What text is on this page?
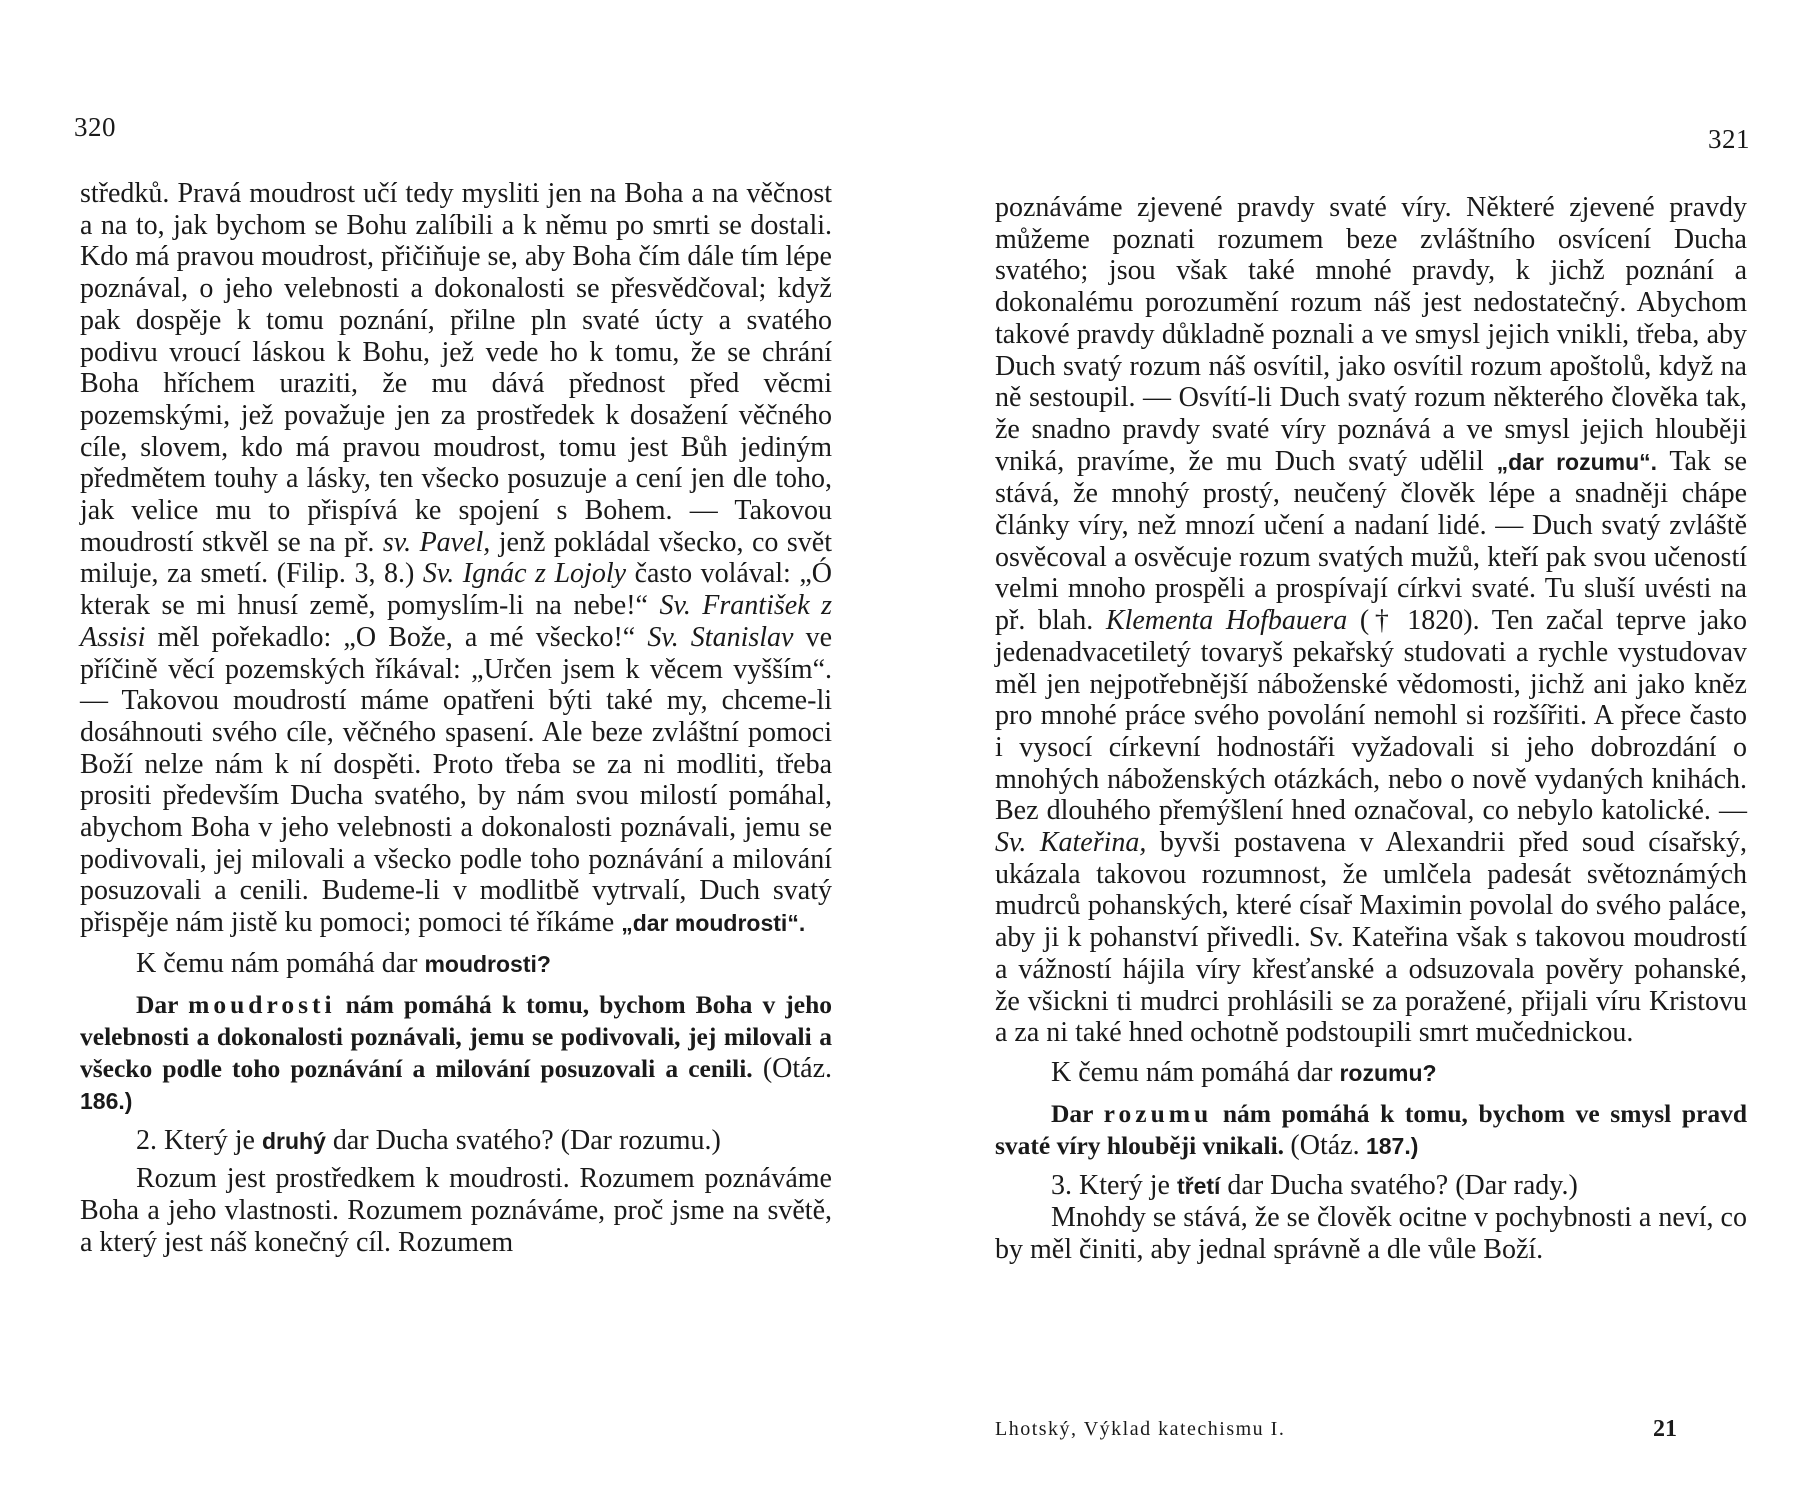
320

středků. Pravá moudrost učí tedy mysliti jen na Boha a na věčnost a na to, jak bychom se Bohu zalíbili a k němu po smrti se dostali. Kdo má pravou moudrost, přičiňuje se, aby Boha čím dále tím lépe poznával, o jeho velebnosti a dokonalosti se přesvědčoval; když pak dospěje k tomu poznání, přilne pln svaté úcty a svatého podivu vroucí láskou k Bohu, jež vede ho k tomu, že se chrání Boha hříchem uraziti, že mu dává přednost před věcmi pozemskými, jež považuje jen za prostředek k dosažení věčného cíle, slovem, kdo má pravou moudrost, tomu jest Bůh jediným předmětem touhy a lásky, ten všecko posuzuje a cení jen dle toho, jak velice mu to přispívá ke spojení s Bohem. — Takovou moudrostí stkvěl se na př. sv. Pavel, jenž pokládal všecko, co svět miluje, za smetí. (Filip. 3, 8.) Sv. Ignác z Lojoly často volával: „Ó kterak se mi hnusí země, pomyslím-li na nebe!“ Sv. František z Assisi měl pořekadlo: „O Bože, a mé všecko!“ Sv. Stanislav ve příčině věcí pozemských říkával: „Určen jsem k věcem vyšším“. — Takovou moudrostí máme opatřeni býti také my, chceme-li dosáhnouti svého cíle, věčného spasení. Ale beze zvláštní pomoci Boží nelze nám k ní dospěti. Proto třeba se za ni modliti, třeba prositi především Ducha svatého, by nám svou milostí pomáhal, abychom Boha v jeho velebnosti a dokonalosti poznávali, jemu se podivovali, jej milovali a všecko podle toho poznávání a milování posuzovali a cenili. Budeme-li v modlitbě vytrvalí, Duch svatý přispěje nám jistě ku pomoci; pomoci té říkáme „dar moudrosti“.

K čemu nám pomáhá dar moudrosti?

Dar moudrosti nám pomáhá k tomu, bychom Boha v jeho velebnosti a dokonalosti poznávali, jemu se podivovali, jej milovali a všecko podle toho poznávání a milování posuzovali a cenili. (Otáz. 186.)

2. Který je druhý dar Ducha svatého? (Dar rozumu.)

Rozum jest prostředkem k moudrosti. Rozumem poznáváme Boha a jeho vlastnosti. Rozumem poznáváme, proč jsme na světě, a který jest náš konečný cíl. Rozumem

321

poznáváme zjevené pravdy svaté víry. Některé zjevené pravdy můžeme poznati rozumem beze zvláštního osvícení Ducha svatého; jsou však také mnohé pravdy, k jichž poznání a dokonalému porozumění rozum náš jest nedostatečný. Abychom takové pravdy důkladně poznali a ve smysl jejich vnikli, třeba, aby Duch svatý rozum náš osvítil, jako osvítil rozum apoštolů, když na ně sestoupil. — Osvítí-li Duch svatý rozum některého člověka tak, že snadno pravdy svaté víry poznává a ve smysl jejich hlouběji vniká, pravíme, že mu Duch svatý udělil „dar rozumu“. Tak se stává, že mnohý prostý, neučený člověk lépe a snadněji chápe články víry, než mnozí učení a nadaní lidé. — Duch svatý zvláště osvěcoval a osvěcuje rozum svatých mužů, kteří pak svou učeností velmi mnoho prospěli a prospívají církvi svaté. Tu sluší uvésti na př. blah. Klementa Hofbauera († 1820). Ten začal teprve jako jedenadvacetiletý tovaryš pekařský studovati a rychle vystudovav měl jen nejpotřebnější náboženské vědomosti, jichž ani jako kněz pro mnohé práce svého povolání nemohl si rozšířiti. A přece často i vysocí církevní hodnostáři vyžadovali si jeho dobrozdání o mnohých náboženských otázkách, nebo o nově vydaných knihách. Bez dlouhého přemýšlení hned označoval, co nebylo katolické. — Sv. Kateřina, byvši postavena v Alexandrii před soud císařský, ukázala takovou rozumnost, že umlčela padesát světoznámých mudrců pohanských, které císař Maximin povolal do svého paláce, aby ji k pohanství přivedli. Sv. Kateřina však s takovou moudrostí a vážností hájila víry křesťanské a odsuzovala pověry pohanské, že všickni ti mudrci prohlásili se za poražené, přijali víru Kristovu a za ni také hned ochotně podstoupili smrt mučednickou.

K čemu nám pomáhá dar rozumu?

Dar rozumu nám pomáhá k tomu, bychom ve smysl pravd svaté víry hlouběji vnikali. (Otáz. 187.)

3. Který je třetí dar Ducha svatého? (Dar rady.)

Mnohdy se stává, že se člověk ocitne v pochybnosti a neví, co by měl činiti, aby jednal správně a dle vůle Boží.

Lhotský, Výklad katechismu I.	21
